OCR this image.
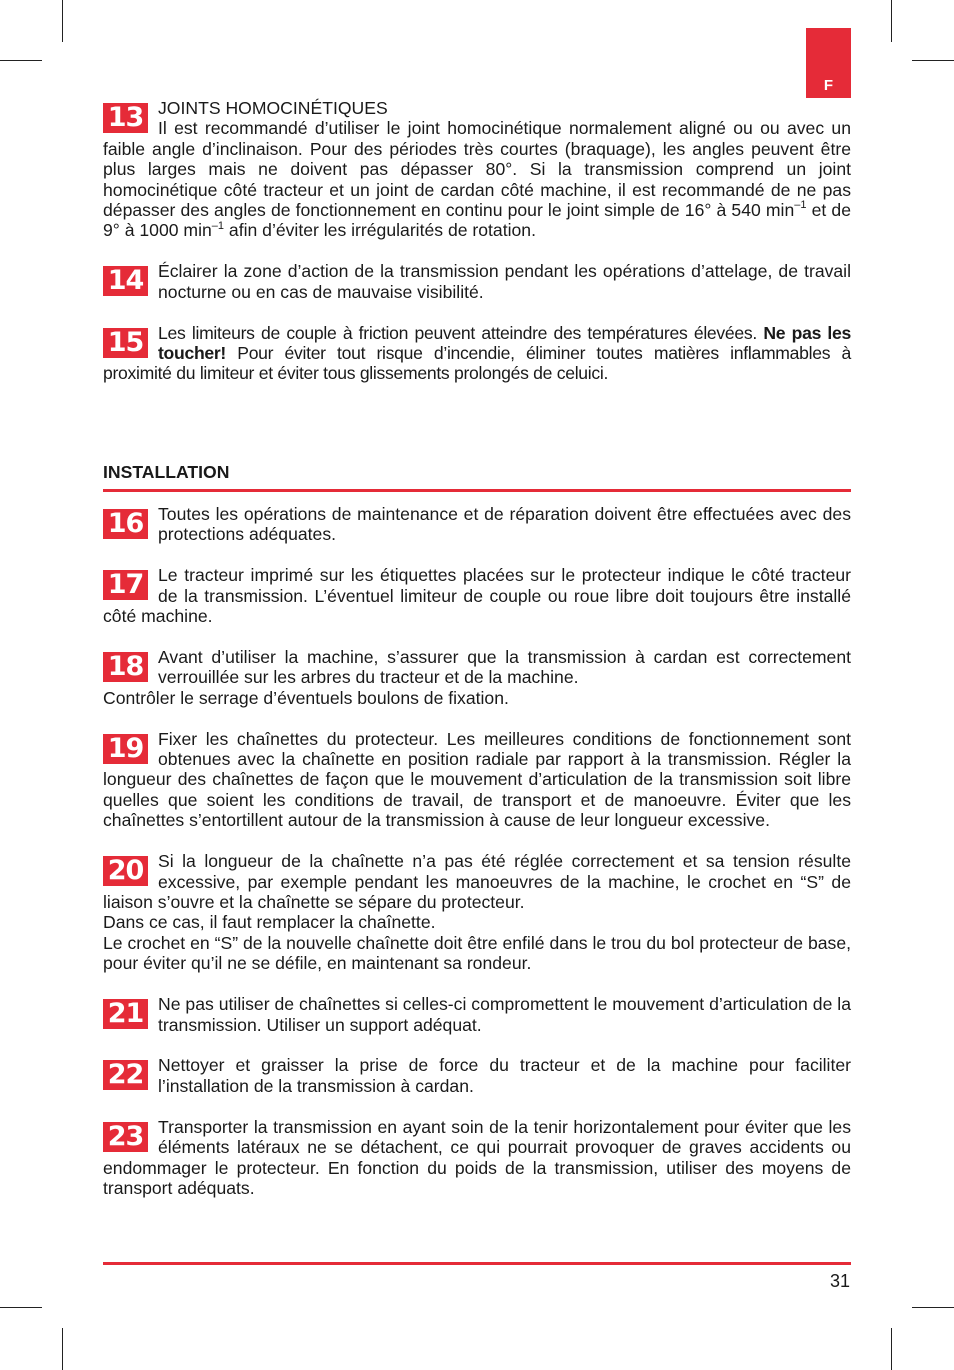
F
13 JOINTS HOMOCINÉTIQUES

Il est recommandé d’utiliser le joint homocinétique normalement aligné ou ou avec un faible angle d’inclinaison. Pour des périodes très courtes (braquage), les angles peuvent être plus larges mais ne doivent pas dépasser 80°. Si la transmission comprend un joint homocinétique côté tracteur et un joint de cardan côté machine, il est recommandé de ne pas dépasser des angles de fonctionnement en continu pour le joint simple de 16° à 540 $\min^{-1}$ et de 9° à 1000 $\min^{-1}$ afin d’éviter les irrégularités de rotation.

14 Éclairer la zone d’action de la transmission pendant les opérations d’attelage, de travail nocturne ou en cas de mauvaise visibilité.

15 Les limiteurs de couple à friction peuvent atteindre des températures élevées. Ne pas les toucher! Pour éviter tout risque d’incendie, éliminer toutes matières inflammables à proximité du limiteur et éviter tous glissements prolongés de celuici.

INSTALLATION
16 Toutes les opérations de maintenance et de réparation doivent être effectuées avec des protections adéquates.

17 Le tracteur imprimé sur les étiquettes placées sur le protecteur indique le côté tracteur de la transmission. L’éventuel limiteur de couple ou roue libre doit toujours être installé côté machine.

18 Avant d’utiliser la machine, s’assurer que la transmission à cardan est correctement verrouillée sur les arbres du tracteur et de la machine.

Contrôler le serrage d’éventuels boulons de fixation.

19 Fixer les chaînettes du protecteur. Les meilleures conditions de fonctionnement sont obtenues avec la chaînette en position radiale par rapport à la transmission. Régler la longueur des chaînettes de façon que le mouvement d’articulation de la transmission soit libre quelles que soient les conditions de travail, de transport et de manoeuvre. Éviter que les chaînettes s’entortillent autour de la transmission à cause de leur longueur excessive.

20 Si la longueur de la chaînette n’a pas été réglée correctement et sa tension résulte excessive, par exemple pendant les manoeuvres de la machine, le crochet en “S” de liaison s’ouvre et la chaînette se sépare du protecteur.

Dans ce cas, il faut remplacer la chaînette.

Le crochet en “S” de la nouvelle chaînette doit être enfilé dans le trou du bol protecteur de base, pour éviter qu’il ne se défile, en maintenant sa rondeur.

21 Ne pas utiliser de chaînettes si celles-ci compromettent le mouvement d’articulation de la transmission. Utiliser un support adéquat.

22 Nettoyer et graisser la prise de force du tracteur et de la machine pour faciliter l’installation de la transmission à cardan.

23 Transporter la transmission en ayant soin de la tenir horizontalement pour éviter que les éléments latéraux ne se détachent, ce qui pourrait provoquer de graves accidents ou endommager le protecteur. En fonction du poids de la transmission, utiliser des moyens de transport adéquats.

31
